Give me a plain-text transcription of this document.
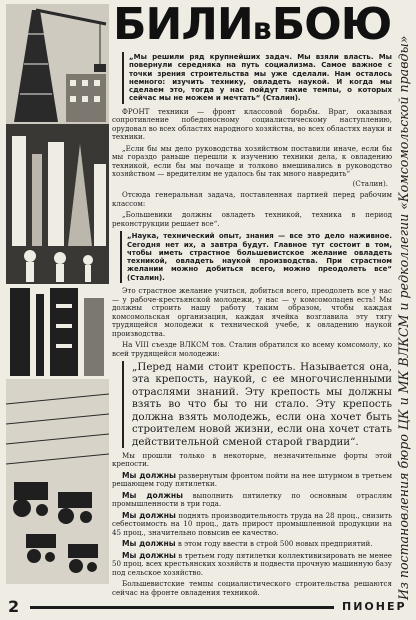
БИЛИвБОЮ
Из постановления бюро ЦК и МК ВЛКСМ и редколлегии «Комсомольской правды»
„Мы решили ряд крупнейших задач. Мы взяли власть. Мы повернули середняка на путь социализма. Самое важное с точки зрения строительства мы уже сделали. Нам осталось немного: изучить технику, овладеть наукой. И когда мы сделаем это, тогда у нас пойдут такие темпы, о которых сейчас мы не можем и мечтать“ (Сталин).

ФРОНТ техники — фронт классовой борьбы. Враг, оказывая сопротивление победоносному социалистическому наступлению, орудовал во всех областях народного хозяйства, во всех областях науки и техники.

„Если бы мы дело руководства хозяйством поставили иначе, если бы мы гораздо раньше перешли к изучению техники дела, к овладению техникой, если бы мы почаще и толково вмешивались в руководство хозяйством — вредителям не удалось бы так много навредить“

(Сталин).

Отсюда генеральная задача, поставленная партией перед рабочим классом:

„Большевики должны овладеть техникой, техника в период реконструкции решает все“.

„Наука, технический опыт, знания — все это дело наживное. Сегодня нет их, а завтра будут. Главное тут состоит в том, чтобы иметь страстное большевистское желание овладеть техникой, овладеть наукой производства. При страстном желании можно добиться всего, можно преодолеть все“ (Сталин).

Это страстное желание учиться, добиться всего, преодолеть все у нас — у рабоче-крестьянской молодежи, у нас — у комсомольцев есть! Мы должны строить нашу работу таким образом, чтобы каждая комсомольская организация, каждая ячейка возглавила эту тягу трудящейся молодежи к технической учебе, к овладению наукой производства.

На VIII съезде ВЛКСМ тов. Сталин обратился ко всему комсомолу, ко всей трудящейся молодежи:

„Перед нами стоит крепость. Называется она, эта крепость, наукой, с ее многочисленными отраслями знаний. Эту крепость мы должны взять во что бы то ни стало. Эту крепость должна взять молодежь, если она хочет быть строителем новой жизни, если она хочет стать действительной сменой старой гвардии“.

Мы прошли только в некоторые, незначительные форты этой крепости.

Мы должны развернутым фронтом пойти на нее штурмом в третьем решающем году пятилетки.

Мы должны выполнить пятилетку по основным отраслям промышленности в три года.

Мы должны поднять производительность труда на 28 проц., снизить себестоимость на 10 проц., дать прирост промышленной продукции на 45 проц., значительно повысив ее качество.

Мы должны в этом году ввести в строй 500 новых предприятий.

Мы должны в третьем году пятилетки коллективизировать не менее 50 проц. всех крестьянских хозяйств и подвести прочную машинную базу под сельское хозяйство.

Большевистские темпы социалистического строительства решаются сейчас на фронте овладения техникой.

2	ПИОНЕР
